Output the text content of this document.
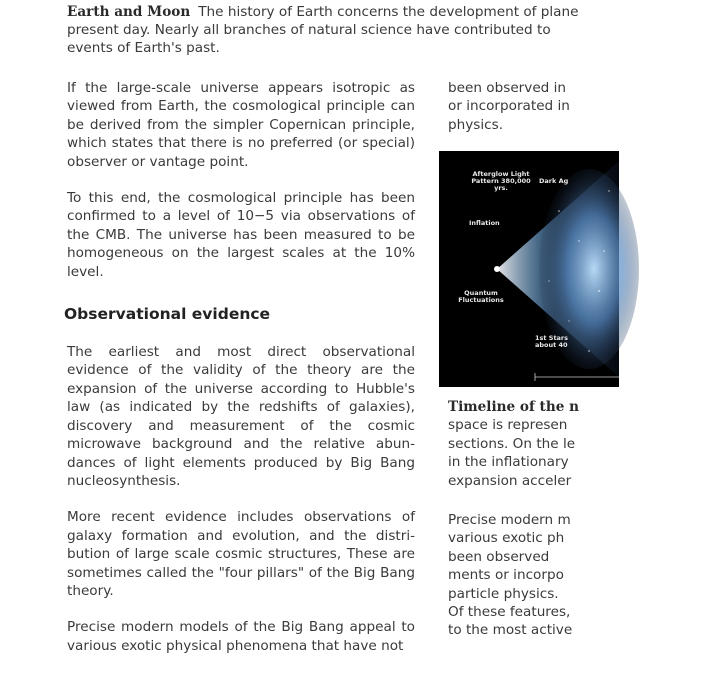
Earth and Moon The history of Earth concerns the development of plane
present day. Nearly all branches of natural science have contributed to
events of Earth's past.

If the large-scale universe appears isotropic as viewed from Earth, the cosmological principle can be derived from the simpler Copernican principle, which states that there is no preferred (or special) observer or vantage point.

To this end, the cosmological principle has been confirmed to a level of 10−5 via observations of the CMB. The universe has been measured to be homogeneous on the largest scales at the 10% level.

Observational evidence

The earliest and most direct observational evidence of the validity of the theory are the expansion of the universe according to Hubble's law (as indicated by the redshifts of galaxies), discovery and measurement of the cosmic microwave background and the relative abun-dances of light elements produced by Big Bang nucleosynthesis.

More recent evidence includes observations of galaxy formation and evolution, and the distri-bution of large scale cosmic structures, These are sometimes called the "four pillars" of the Big Bang theory.

Precise modern models of the Big Bang appeal to various exotic physical phenomena that have not

been observed in
or incorporated in
physics.
Afterglow Light Pattern 380,000 yrs.
Dark Ag
Inflation
Quantum Fluctuations
1st Stars about 40
Timeline of the n
space is represen
sections. On the le
in the inflationary
expansion acceler
Precise modern m
various exotic ph
been observed
ments or incorpo
particle physics.
Of these features,
to the most active
